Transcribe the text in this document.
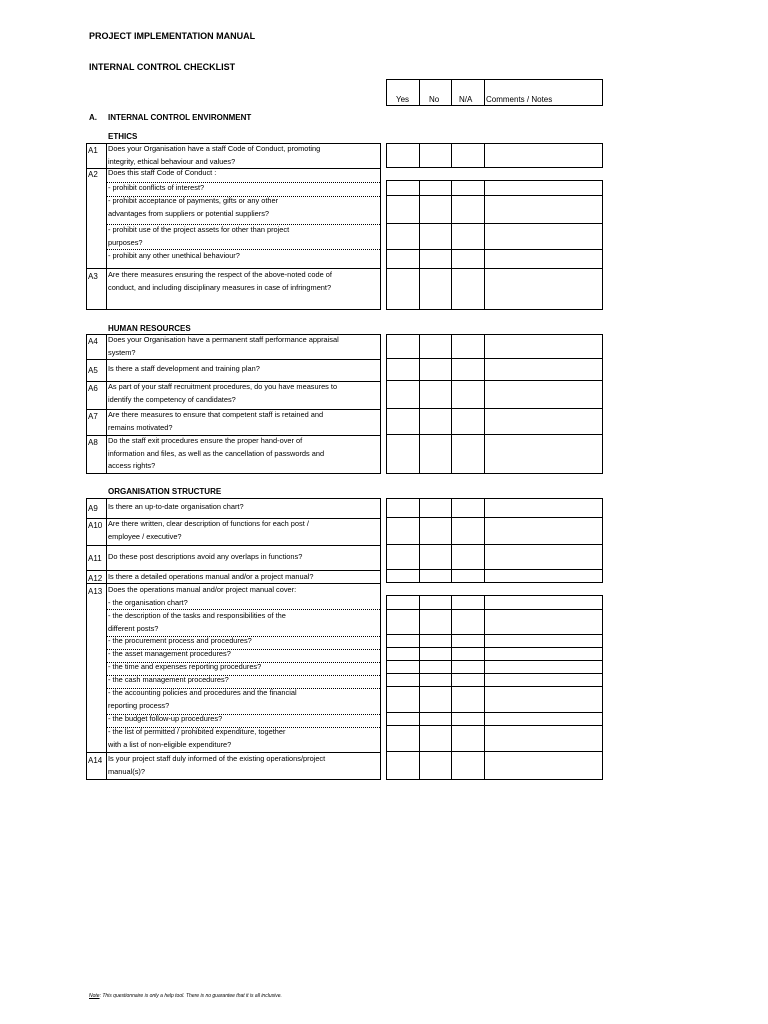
PROJECT IMPLEMENTATION MANUAL
INTERNAL CONTROL CHECKLIST
Yes No N/A Comments / Notes
A. INTERNAL CONTROL ENVIRONMENT
ETHICS
A1 Does your Organisation have a staff Code of Conduct, promoting
integrity, ethical behaviour and values?
A2 Does this staff Code of Conduct :
- prohibit conflicts of interest?
- prohibit acceptance of payments, gifts or any other
advantages from suppliers or potential suppliers?
- prohibit use of the project assets for other than project
purposes?
- prohibit any other unethical behaviour?
A3 Are there measures ensuring the respect of the above-noted code of
conduct, and including disciplinary measures in case of infringment?
HUMAN RESOURCES
A4 Does your Organisation have a permanent staff performance appraisal
system?
A5 Is there a staff development and training plan?
A6 As part of your staff recruitment procedures, do you have measures to
identify the competency of candidates?
A7 Are there measures to ensure that competent staff is retained and
remains motivated?
A8 Do the staff exit procedures ensure the proper hand-over of
information and files, as well as the cancellation of passwords and
access rights?
ORGANISATION STRUCTURE
A9 Is there an up-to-date organisation chart?
A10 Are there written, clear description of functions for each post /
employee / executive?
A11 Do these post descriptions avoid any overlaps in functions?
A12 Is there a detailed operations manual and/or a project manual?
A13 Does the operations manual and/or project manual cover:
- the organisation chart?
- the description of the tasks and responsibilities of the
different posts?
- the procurement process and procedures?
- the asset management procedures?
- the time and expenses reporting procedures?
- the cash management procedures?
- the accounting policies and procedures and the financial
reporting process?
- the budget follow-up procedures?
- the list of permitted / prohibited expenditure, together
with a list of non-eligible expenditure?
A14 Is your project staff duly informed of the existing operations/project
manual(s)?
Note: This questionnaire is only a help tool. There is no guarantee that it is all inclusive.
